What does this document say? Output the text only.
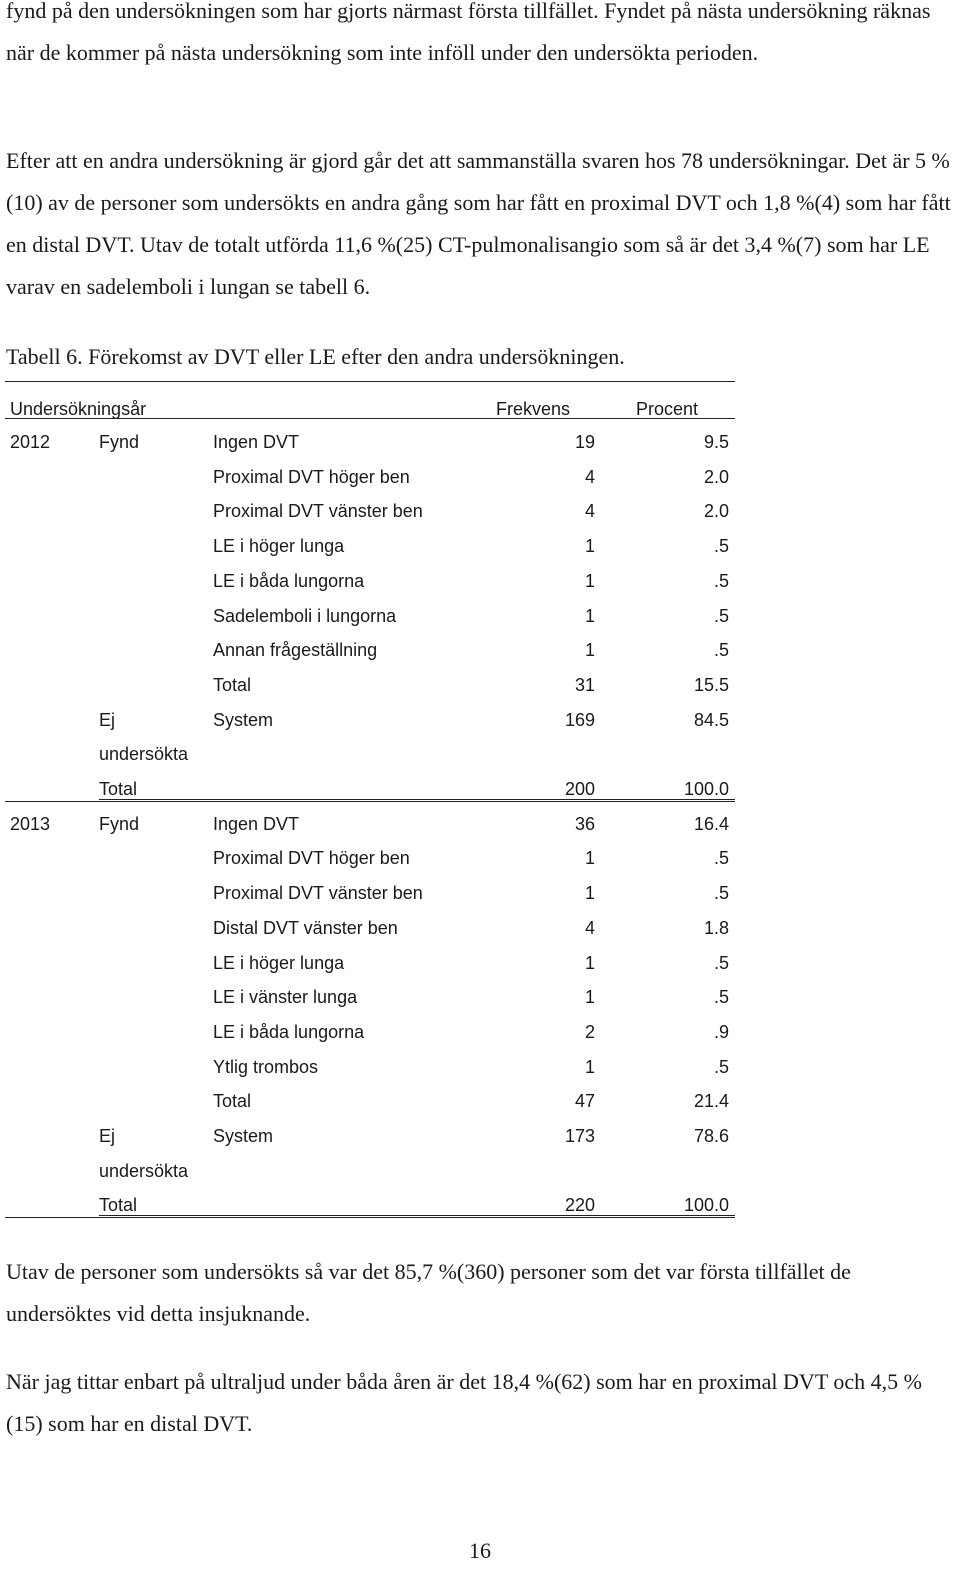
fynd på den undersökningen som har gjorts närmast första tillfället. Fyndet på nästa undersökning räknas när de kommer på nästa undersökning som inte inföll under den undersökta perioden.

Efter att en andra undersökning är gjord går det att sammanställa svaren hos 78 undersökningar. Det är 5 %(10) av de personer som undersökts en andra gång som har fått en proximal DVT och 1,8 %(4) som har fått en distal DVT. Utav de totalt utförda 11,6 %(25) CT-pulmonalisangio som så är det 3,4 %(7) som har LE varav en sadelemboli i lungan se tabell 6.

Tabell 6. Förekomst av DVT eller LE efter den andra undersökningen.

Undersökningsår	Frekvens	Procent
2012	Fynd	Ingen DVT	19	9.5
Proximal DVT höger ben	4	2.0
Proximal DVT vänster ben	4	2.0
LE i höger lunga	1	.5
LE i båda lungorna	1	.5
Sadelemboli i lungorna	1	.5
Annan frågeställning	1	.5
Total	31	15.5
Ej	System	169	84.5
undersökta
Total	200	100.0
2013	Fynd	Ingen DVT	36	16.4
Proximal DVT höger ben	1	.5
Proximal DVT vänster ben	1	.5
Distal DVT vänster ben	4	1.8
LE i höger lunga	1	.5
LE i vänster lunga	1	.5
LE i båda lungorna	2	.9
Ytlig trombos	1	.5
Total	47	21.4
Ej	System	173	78.6
undersökta
Total	220	100.0

Utav de personer som undersökts så var det 85,7 %(360) personer som det var första tillfället de undersöktes vid detta insjuknande.

När jag tittar enbart på ultraljud under båda åren är det 18,4 %(62) som har en proximal DVT och 4,5 %(15) som har en distal DVT.

16
